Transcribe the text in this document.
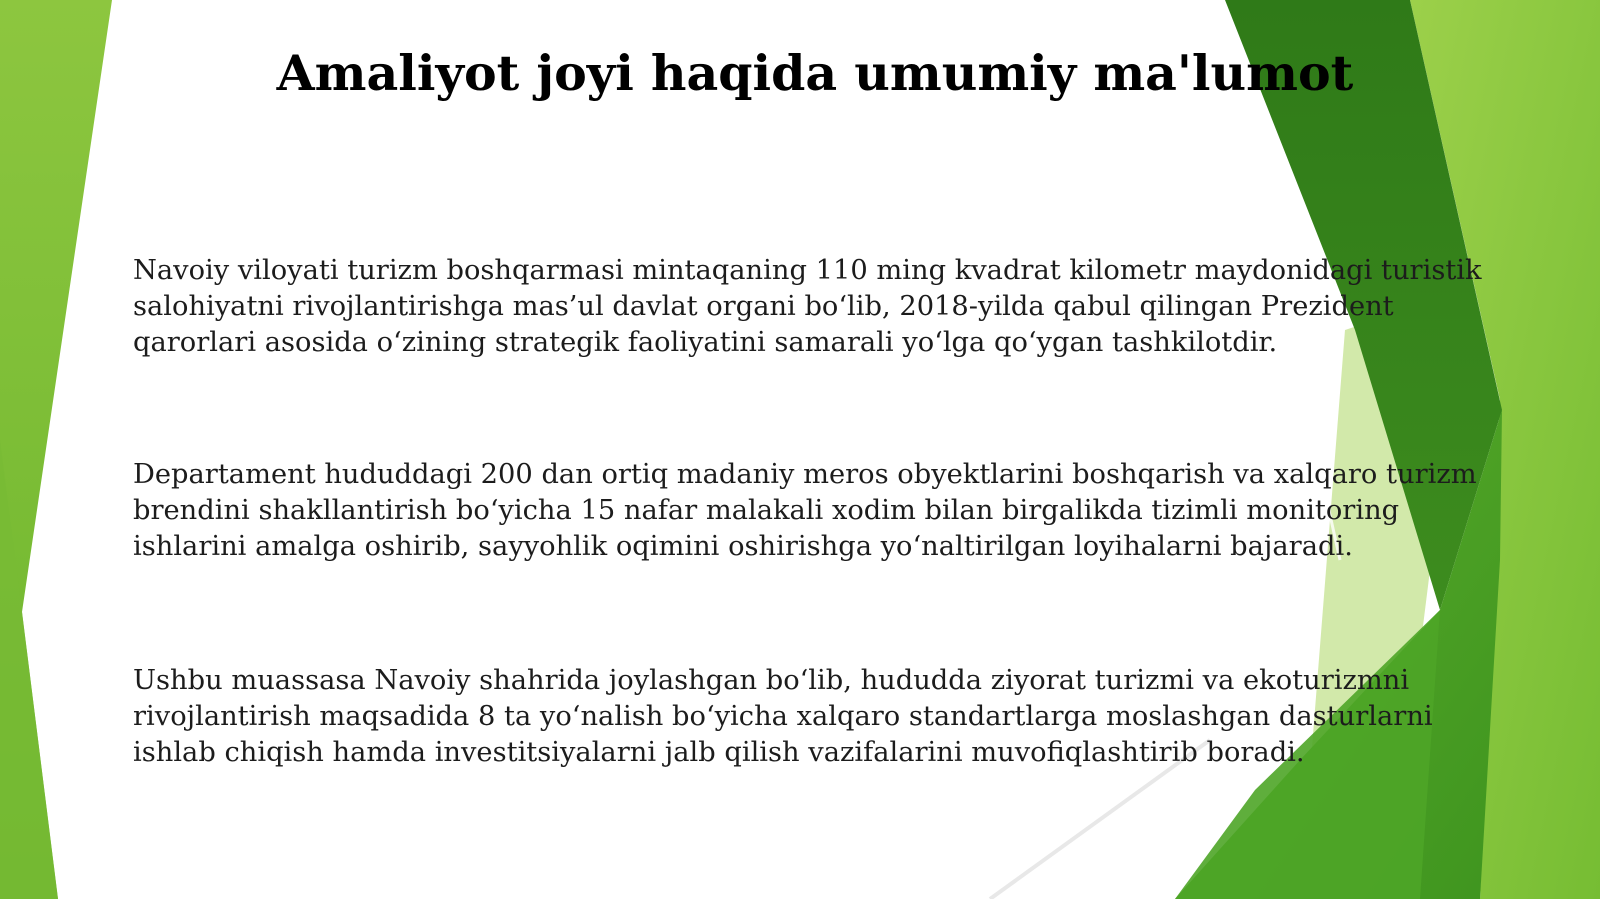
Amaliyot joyi haqida umumiy ma'lumot

Navoiy viloyati turizm boshqarmasi mintaqaning 110 ming kvadrat kilometr maydonidagi turistik salohiyatni rivojlantirishga mas’ul davlat organi bo‘lib, 2018-yilda qabul qilingan Prezident qarorlari asosida o‘zining strategik faoliyatini samarali yo‘lga qo‘ygan tashkilotdir.

Departament hududdagi 200 dan ortiq madaniy meros obyektlarini boshqarish va xalqaro turizm brendini shakllantirish bo‘yicha 15 nafar malakali xodim bilan birgalikda tizimli monitoring ishlarini amalga oshirib, sayyohlik oqimini oshirishga yo‘naltirilgan loyihalarni bajaradi.

Ushbu muassasa Navoiy shahrida joylashgan bo‘lib, hududda ziyorat turizmi va ekoturizmni rivojlantirish maqsadida 8 ta yo‘nalish bo‘yicha xalqaro standartlarga moslashgan dasturlarni ishlab chiqish hamda investitsiyalarni jalb qilish vazifalarini muvofiqlashtirib boradi.
